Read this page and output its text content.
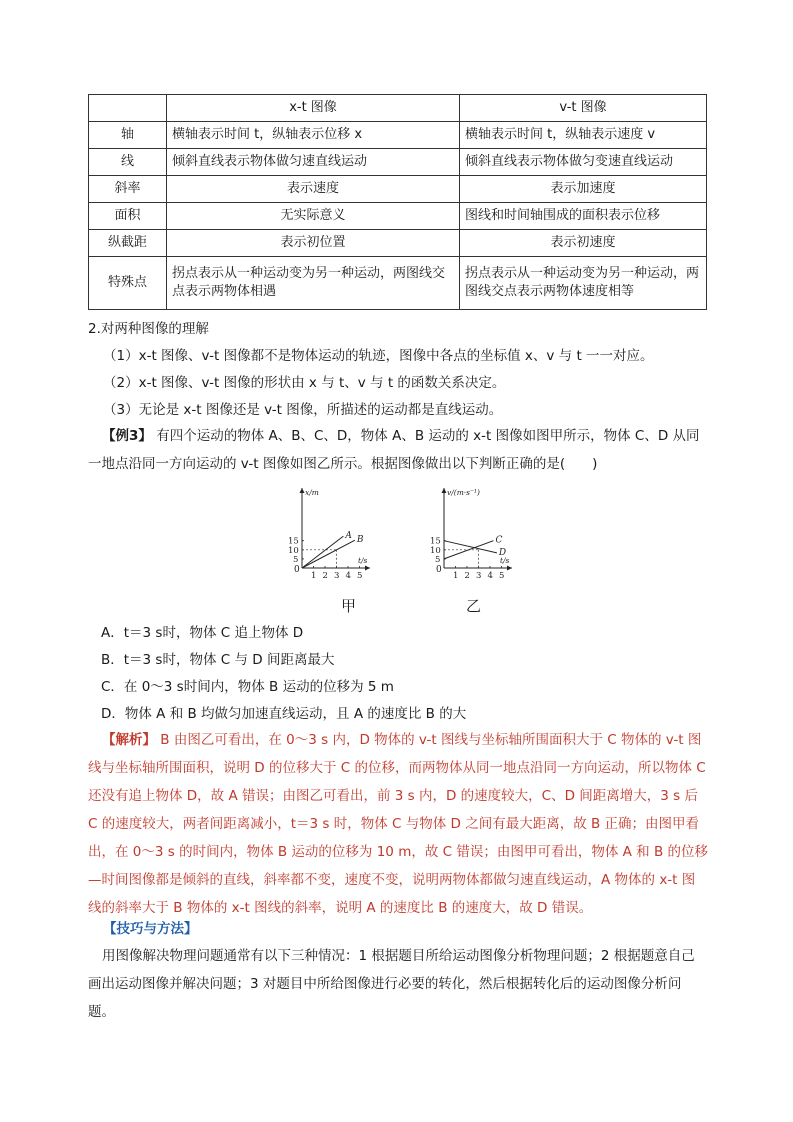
	x-t 图像	v-t 图像
轴	横轴表示时间 t，纵轴表示位移 x	横轴表示时间 t，纵轴表示速度 v
线	倾斜直线表示物体做匀速直线运动	倾斜直线表示物体做匀变速直线运动
斜率	表示速度	表示加速度
面积	无实际意义	图线和时间轴围成的面积表示位移
纵截距	表示初位置	表示初速度
特殊点	拐点表示从一种运动变为另一种运动，两图线交点表示两物体相遇	拐点表示从一种运动变为另一种运动，两图线交点表示两物体速度相等
2.对两种图像的理解
（1）x-t 图像、v-t 图像都不是物体运动的轨迹，图像中各点的坐标值 x、v 与 t 一一对应。
（2）x-t 图像、v-t 图像的形状由 x 与 t、v 与 t 的函数关系决定。
（3）无论是 x-t 图像还是 v-t 图像，所描述的运动都是直线运动。
【例3】 有四个运动的物体 A、B、C、D，物体 A、B 运动的 x-t 图像如图甲所示，物体 C、D 从同一地点沿同一方向运动的 v-t 图像如图乙所示。根据图像做出以下判断正确的是(　　)
x/m
t/s
0
1 2 3 4 5
5
10
15
A B
甲
v/(m·s⁻¹)
t/s
0
1 2 3 4 5
5
10
15	C
D
乙
A．t＝3 s时，物体 C 追上物体 D
B．t＝3 s时，物体 C 与 D 间距离最大
C．在 0～3 s时间内，物体 B 运动的位移为 5 m
D．物体 A 和 B 均做匀加速直线运动，且 A 的速度比 B 的大
【解析】 B 由图乙可看出，在 0～3 s 内，D 物体的 v-t 图线与坐标轴所围面积大于 C 物体的 v-t 图线与坐标轴所围面积，说明 D 的位移大于 C 的位移，而两物体从同一地点沿同一方向运动，所以物体 C 还没有追上物体 D，故 A 错误；由图乙可看出，前 3 s 内，D 的速度较大，C、D 间距离增大，3 s 后 C 的速度较大，两者间距离减小，t＝3 s 时，物体 C 与物体 D 之间有最大距离，故 B 正确；由图甲看出，在 0～3 s 的时间内，物体 B 运动的位移为 10 m，故 C 错误；由图甲可看出，物体 A 和 B 的位移—时间图像都是倾斜的直线，斜率都不变，速度不变，说明两物体都做匀速直线运动，A 物体的 x-t 图线的斜率大于 B 物体的 x-t 图线的斜率，说明 A 的速度比 B 的速度大，故 D 错误。
【技巧与方法】
用图像解决物理问题通常有以下三种情况：1 根据题目所给运动图像分析物理问题；2 根据题意自己画出运动图像并解决问题；3 对题目中所给图像进行必要的转化，然后根据转化后的运动图像分析问题。
